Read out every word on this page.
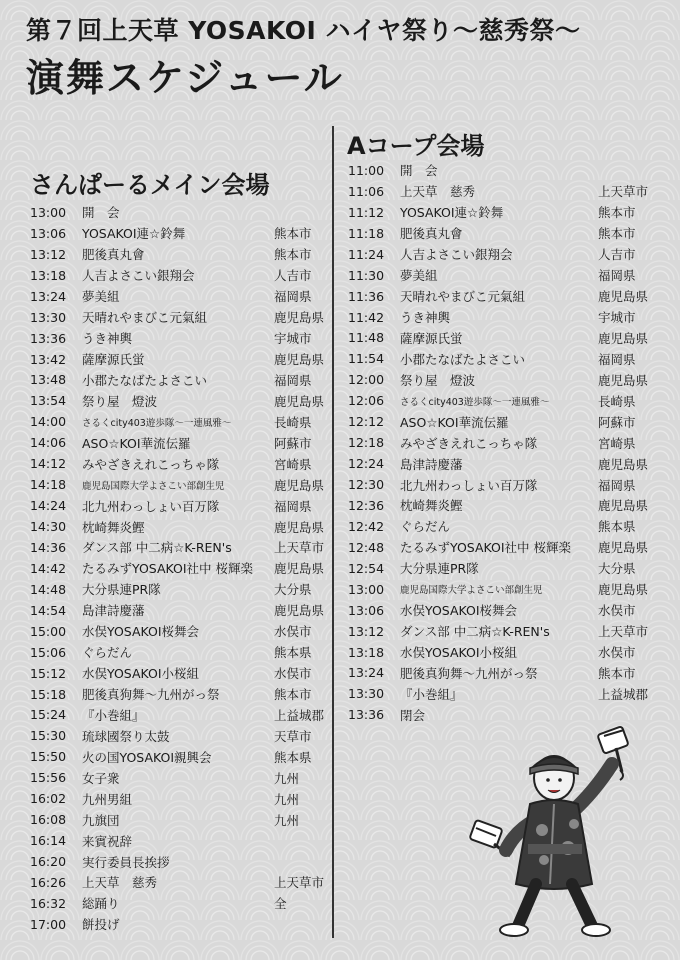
第７回上天草 YOSAKOI ハイヤ祭り〜慈秀祭〜
演舞スケジュール
さんぱーるメイン会場
13:00	開　会
13:06	YOSAKOI連☆鈴舞	熊本市
13:12	肥後真丸會	熊本市
13:18	人吉よさこい銀翔会	人吉市
13:24	夢美組	福岡県
13:30	天晴れやまびこ元氣組	鹿児島県
13:36	うき神輿	宇城市
13:42	薩摩源氏蛍	鹿児島県
13:48	小郡たなばたよさこい	福岡県
13:54	祭り屋　燈波	鹿児島県
14:00	さるくcity403遊歩隊〜一連風雅〜	長崎県
14:06	ASO☆KOI華流伝羅	阿蘇市
14:12	みやざきえれこっちゃ隊	宮崎県
14:18	鹿児島国際大学よさこい部創生児	鹿児島県
14:24	北九州わっしょい百万隊	福岡県
14:30	枕崎舞炎鰹	鹿児島県
14:36	ダンス部 中二病☆K-REN's	上天草市
14:42	たるみずYOSAKOI社中 桜輝楽	鹿児島県
14:48	大分県連PR隊	大分県
14:54	島津詩慶藩	鹿児島県
15:00	水俣YOSAKOI桜舞会	水俣市
15:06	ぐらだん	熊本県
15:12	水俣YOSAKOI小桜組	水俣市
15:18	肥後真狗舞〜九州がっ祭	熊本市
15:24	『小巻組』	上益城郡
15:30	琉球國祭り太鼓	天草市
15:50	火の国YOSAKOI親興会	熊本県
15:56	女子衆	九州
16:02	九州男組	九州
16:08	九旗団	九州
16:14	来賓祝辞
16:20	実行委員長挨拶
16:26	上天草　慈秀	上天草市
16:32	総踊り	全
17:00	餅投げ
Aコープ会場
11:00	開　会
11:06	上天草　慈秀	上天草市
11:12	YOSAKOI連☆鈴舞	熊本市
11:18	肥後真丸會	熊本市
11:24	人吉よさこい銀翔会	人吉市
11:30	夢美組	福岡県
11:36	天晴れやまびこ元氣組	鹿児島県
11:42	うき神輿	宇城市
11:48	薩摩源氏蛍	鹿児島県
11:54	小郡たなばたよさこい	福岡県
12:00	祭り屋　燈波	鹿児島県
12:06	さるくcity403遊歩隊〜一連風雅〜	長崎県
12:12	ASO☆KOI華流伝羅	阿蘇市
12:18	みやざきえれこっちゃ隊	宮崎県
12:24	島津詩慶藩	鹿児島県
12:30	北九州わっしょい百万隊	福岡県
12:36	枕崎舞炎鰹	鹿児島県
12:42	ぐらだん	熊本県
12:48	たるみずYOSAKOI社中 桜輝楽	鹿児島県
12:54	大分県連PR隊	大分県
13:00	鹿児島国際大学よさこい部創生児	鹿児島県
13:06	水俣YOSAKOI桜舞会	水俣市
13:12	ダンス部 中二病☆K-REN's	上天草市
13:18	水俣YOSAKOI小桜組	水俣市
13:24	肥後真狗舞〜九州がっ祭	熊本市
13:30	『小巻組』	上益城郡
13:36	閉会
